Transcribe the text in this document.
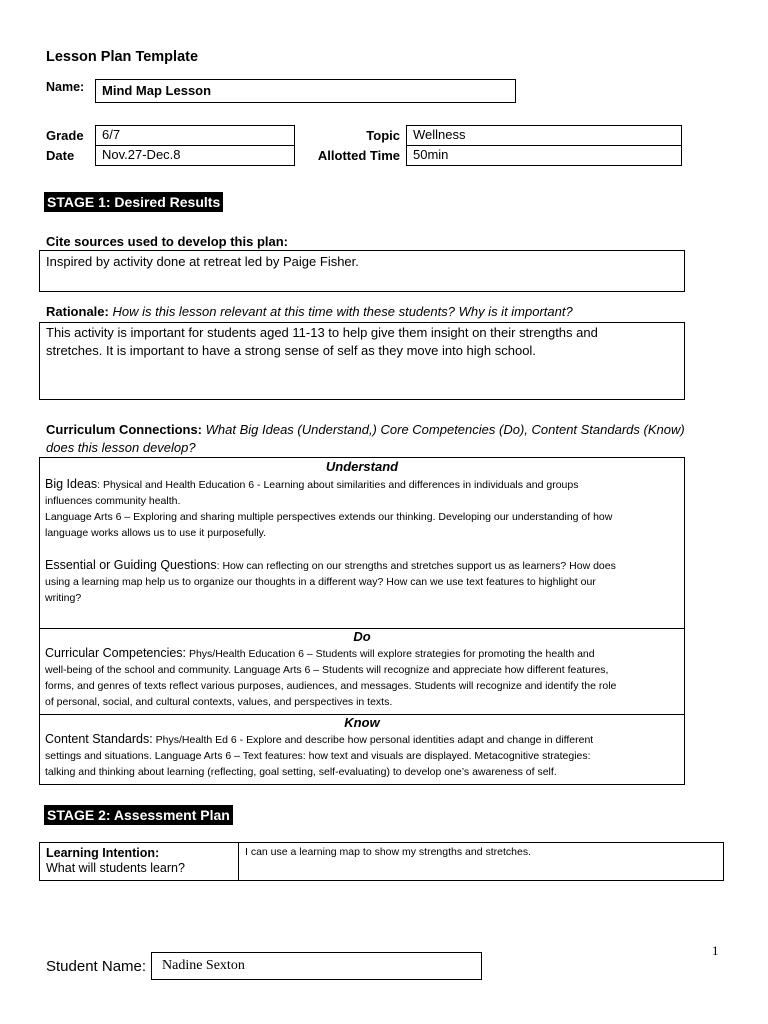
Lesson Plan Template
Name:	Mind Map Lesson
Grade	6/7
Date	Nov.27-Dec.8
Topic	Wellness
Allotted Time	50min
STAGE 1: Desired Results
Cite sources used to develop this plan:
Inspired by activity done at retreat led by Paige Fisher.
Rationale: How is this lesson relevant at this time with these students? Why is it important?
This activity is important for students aged 11-13 to help give them insight on their strengths and
stretches. It is important to have a strong sense of self as they move into high school.
Curriculum Connections: What Big Ideas (Understand,) Core Competencies (Do), Content Standards (Know)
does this lesson develop?
Understand
Big Ideas: Physical and Health Education 6 - Learning about similarities and differences in individuals and groups
influences community health.
Language Arts 6 – Exploring and sharing multiple perspectives extends our thinking. Developing our understanding of how
language works allows us to use it purposefully.
Essential or Guiding Questions: How can reflecting on our strengths and stretches support us as learners? How does
using a learning map help us to organize our thoughts in a different way? How can we use text features to highlight our
writing?
Do
Curricular Competencies: Phys/Health Education 6 – Students will explore strategies for promoting the health and
well-being of the school and community. Language Arts 6 – Students will recognize and appreciate how different features,
forms, and genres of texts reflect various purposes, audiences, and messages. Students will recognize and identify the role
of personal, social, and cultural contexts, values, and perspectives in texts.
Know
Content Standards: Phys/Health Ed 6 - Explore and describe how personal identities adapt and change in different
settings and situations. Language Arts 6 – Text features: how text and visuals are displayed. Metacognitive strategies:
talking and thinking about learning (reflecting, goal setting, self-evaluating) to develop one’s awareness of self.
STAGE 2: Assessment Plan
Learning Intention:
What will students learn?
I can use a learning map to show my strengths and stretches.
1
Student Name:	Nadine Sexton
